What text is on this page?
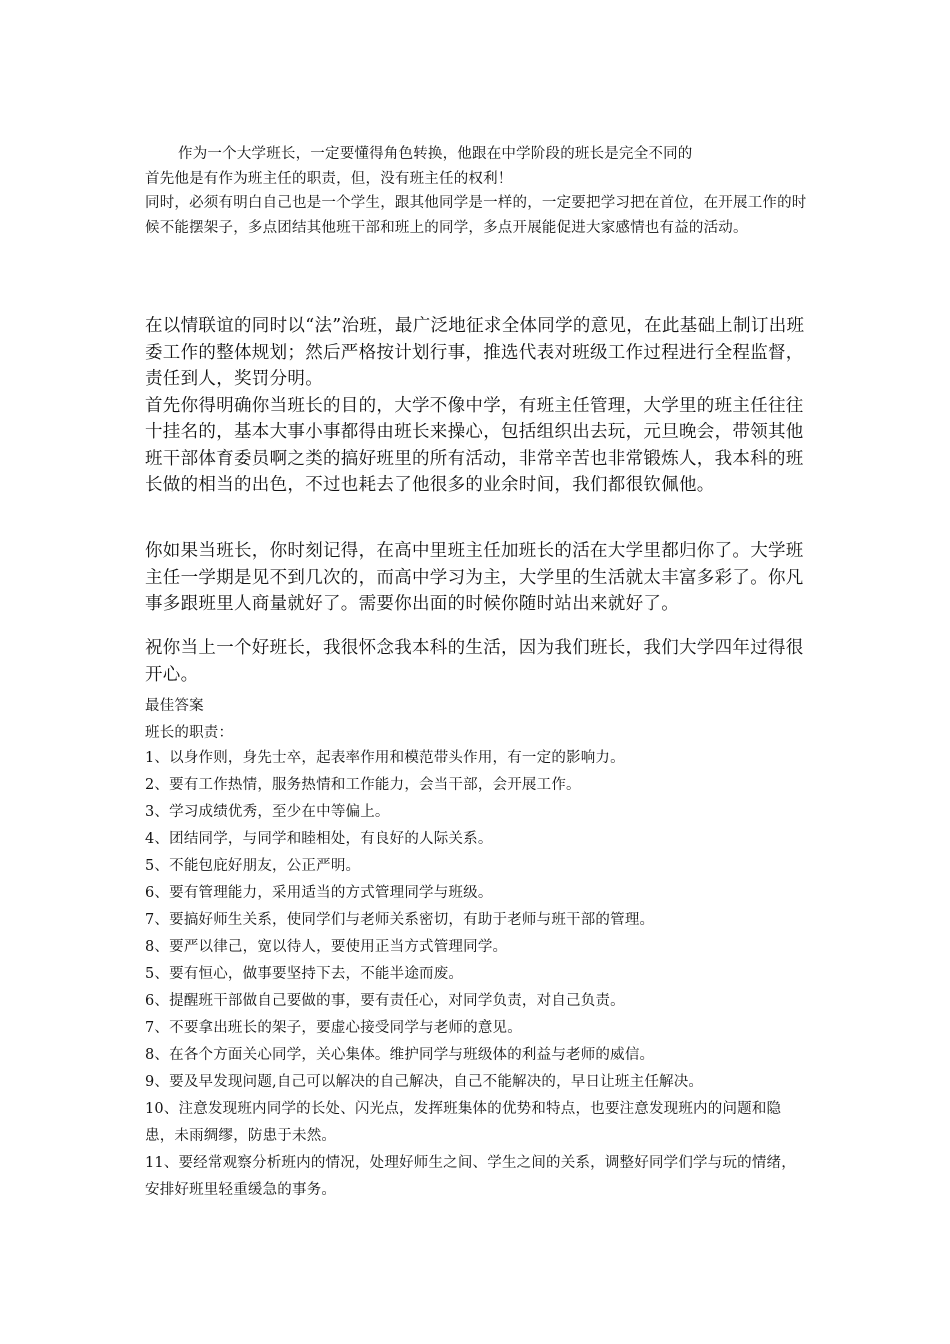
作为一个大学班长，一定要懂得角色转换，他跟在中学阶段的班长是完全不同的

首先他是有作为班主任的职责，但，没有班主任的权利！

同时，必须有明白自己也是一个学生，跟其他同学是一样的，一定要把学习把在首位，在开展工作的时候不能摆架子，多点团结其他班干部和班上的同学，多点开展能促进大家感情也有益的活动。

在以情联谊的同时以“法”治班，最广泛地征求全体同学的意见，在此基础上制订出班委工作的整体规划；然后严格按计划行事，推选代表对班级工作过程进行全程监督，责任到人，奖罚分明。

首先你得明确你当班长的目的，大学不像中学，有班主任管理，大学里的班主任往往十挂名的，基本大事小事都得由班长来操心，包括组织出去玩，元旦晚会，带领其他班干部体育委员啊之类的搞好班里的所有活动，非常辛苦也非常锻炼人，我本科的班长做的相当的出色，不过也耗去了他很多的业余时间，我们都很钦佩他。

你如果当班长，你时刻记得，在高中里班主任加班长的活在大学里都归你了。大学班主任一学期是见不到几次的，而高中学习为主，大学里的生活就太丰富多彩了。你凡事多跟班里人商量就好了。需要你出面的时候你随时站出来就好了。

祝你当上一个好班长，我很怀念我本科的生活，因为我们班长，我们大学四年过得很开心。

最佳答案

班长的职责：

1、以身作则，身先士卒，起表率作用和模范带头作用，有一定的影响力。
2、要有工作热情，服务热情和工作能力，会当干部，会开展工作。
3、学习成绩优秀，至少在中等偏上。
4、团结同学，与同学和睦相处，有良好的人际关系。
5、不能包庇好朋友，公正严明。
6、要有管理能力，采用适当的方式管理同学与班级。
7、要搞好师生关系，使同学们与老师关系密切，有助于老师与班干部的管理。
8、要严以律己，宽以待人，要使用正当方式管理同学。
5、要有恒心，做事要坚持下去，不能半途而废。
6、提醒班干部做自己要做的事，要有责任心，对同学负责，对自己负责。
7、不要拿出班长的架子，要虚心接受同学与老师的意见。
8、在各个方面关心同学，关心集体。维护同学与班级体的利益与老师的威信。
9、要及早发现问题,自己可以解决的自己解决，自己不能解决的，早日让班主任解决。
10、注意发现班内同学的长处、闪光点，发挥班集体的优势和特点，也要注意发现班内的问题和隐患，未雨绸缪，防患于未然。
11、要经常观察分析班内的情况，处理好师生之间、学生之间的关系，调整好同学们学与玩的情绪，安排好班里轻重缓急的事务。
